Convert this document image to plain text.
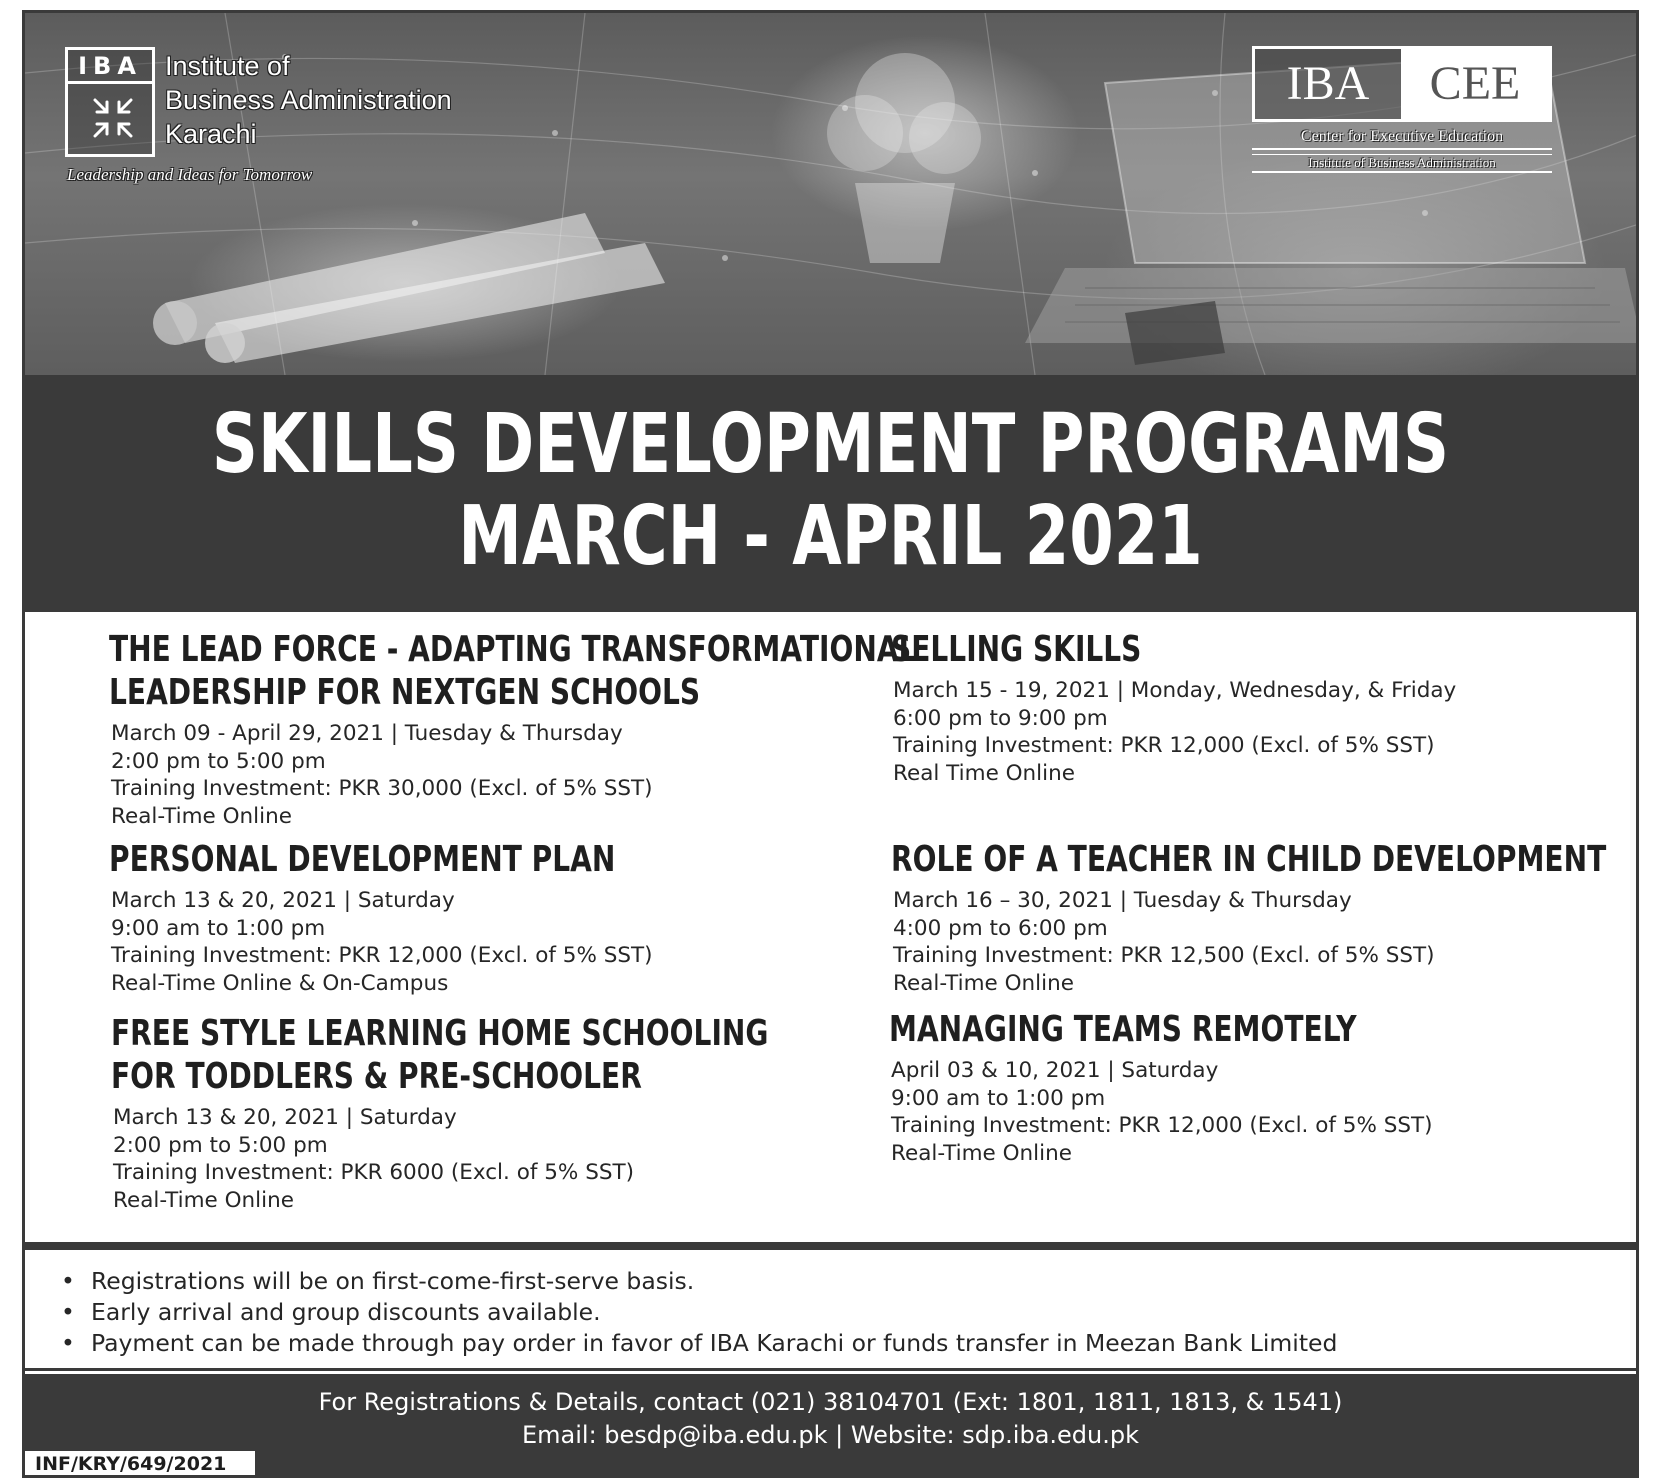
IBA Institute of
Business Administration
Karachi
Leadership and Ideas for Tomorrow
IBA	CEE
Center for Executive Education
Institute of Business Administration
SKILLS DEVELOPMENT PROGRAMS
MARCH - APRIL 2021
THE LEAD FORCE - ADAPTING TRANSFORMATIONAL
LEADERSHIP FOR NEXTGEN SCHOOLS
March 09 - April 29, 2021 | Tuesday & Thursday
2:00 pm to 5:00 pm
Training Investment: PKR 30,000 (Excl. of 5% SST)
Real-Time Online
PERSONAL DEVELOPMENT PLAN
March 13 & 20, 2021 | Saturday
9:00 am to 1:00 pm
Training Investment: PKR 12,000 (Excl. of 5% SST)
Real-Time Online & On-Campus
FREE STYLE LEARNING HOME SCHOOLING
FOR TODDLERS & PRE-SCHOOLER
March 13 & 20, 2021 | Saturday
2:00 pm to 5:00 pm
Training Investment: PKR 6000 (Excl. of 5% SST)
Real-Time Online
SELLING SKILLS
March 15 - 19, 2021 | Monday, Wednesday, & Friday
6:00 pm to 9:00 pm
Training Investment: PKR 12,000 (Excl. of 5% SST)
Real Time Online
ROLE OF A TEACHER IN CHILD DEVELOPMENT
March 16 – 30, 2021 | Tuesday & Thursday
4:00 pm to 6:00 pm
Training Investment: PKR 12,500 (Excl. of 5% SST)
Real-Time Online
MANAGING TEAMS REMOTELY
April 03 & 10, 2021 | Saturday
9:00 am to 1:00 pm
Training Investment: PKR 12,000 (Excl. of 5% SST)
Real-Time Online
• Registrations will be on first-come-first-serve basis.
• Early arrival and group discounts available.
• Payment can be made through pay order in favor of IBA Karachi or funds transfer in Meezan Bank Limited
For Registrations & Details, contact (021) 38104701 (Ext: 1801, 1811, 1813, & 1541)
Email: besdp@iba.edu.pk | Website: sdp.iba.edu.pk
INF/KRY/649/2021
